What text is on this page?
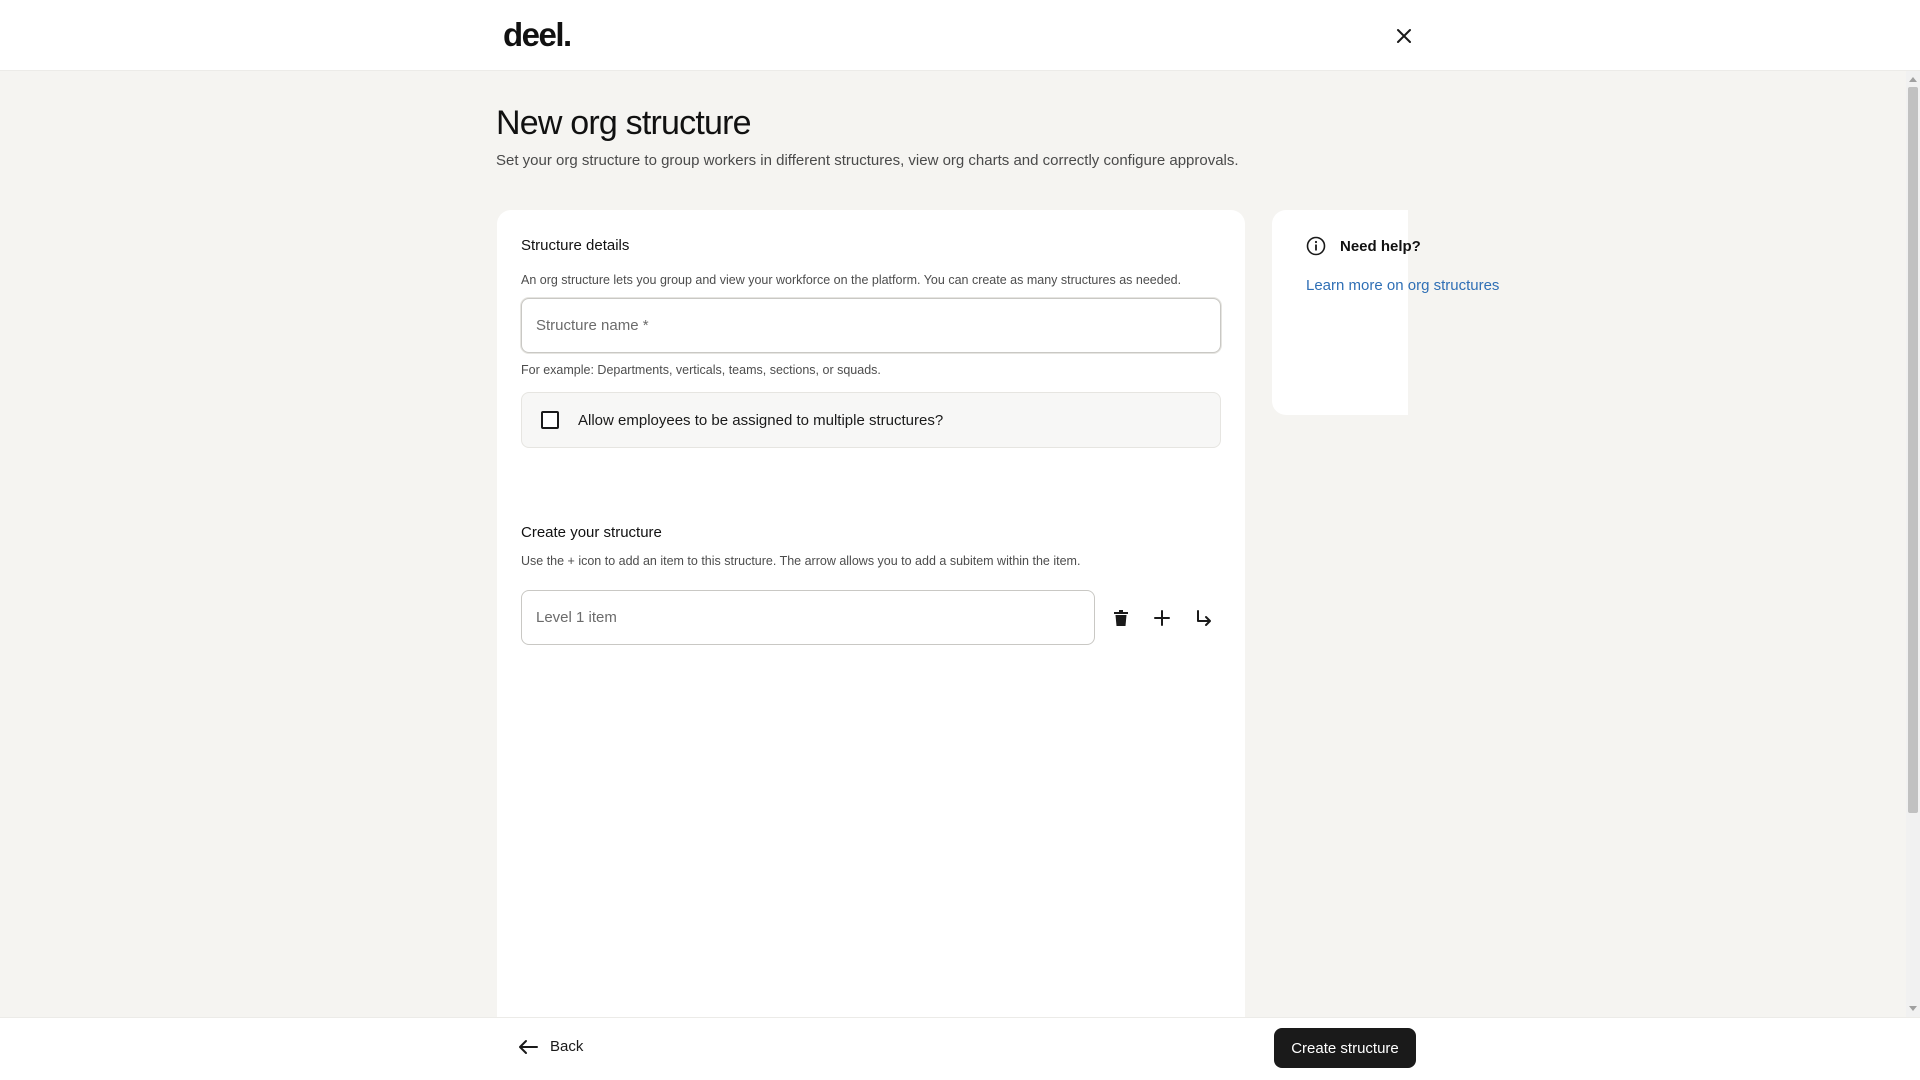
deel.
New org structure

Set your org structure to group workers in different structures, view org charts and correctly configure approvals.

Structure details
An org structure lets you group and view your workforce on the platform. You can create as many structures as needed.
Structure name *
For example: Departments, verticals, teams, sections, or squads.
Allow employees to be assigned to multiple structures?
Create your structure
Use the + icon to add an item to this structure. The arrow allows you to add a subitem within the item.
Level 1 item
Need help?
Learn more on org structures
Back	Create structure
